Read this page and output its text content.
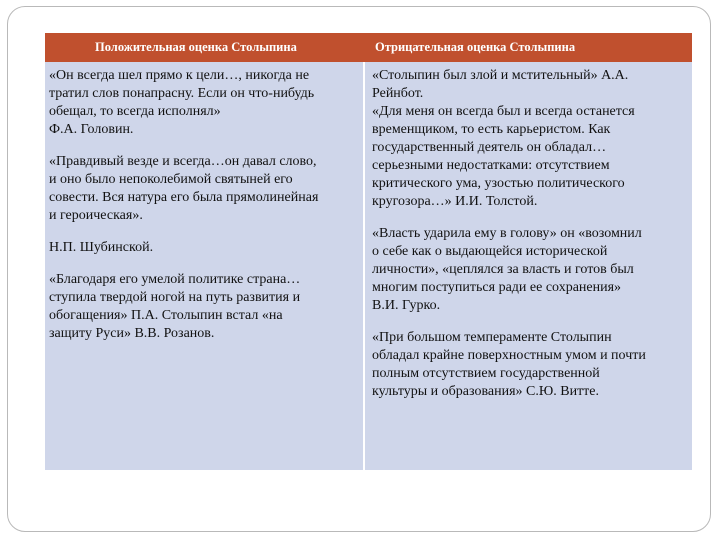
Положительная оценка Столыпина	Отрицательная оценка Столыпина

«Он всегда шел прямо к цели…, никогда не
тратил слов понапрасну. Если он что-нибудь
обещал, то всегда исполнял»
Ф.А. Головин.

«Правдивый везде и всегда…он давал слово,
и оно было непоколебимой святыней его
совести. Вся натура его была прямолинейная
и героическая».

Н.П. Шубинской.

«Благодаря его умелой политике страна…
ступила твердой ногой на путь развития и
обогащения» П.А. Столыпин встал «на
защиту Руси» В.В. Розанов.

«Столыпин был злой и мстительный» А.А.
Рейнбот.
«Для меня он всегда был и всегда останется
временщиком, то есть карьеристом. Как
государственный деятель он обладал…
серьезными недостатками: отсутствием
критического ума, узостью политического
кругозора…» И.И. Толстой.

«Власть ударила ему в голову» он «возомнил
о себе как о выдающейся исторической
личности», «цеплялся за власть и готов был
многим поступиться ради ее сохранения»
В.И. Гурко.

«При большом темпераменте Столыпин
обладал крайне поверхностным умом и почти
полным отсутствием государственной
культуры и образования» С.Ю. Витте.
